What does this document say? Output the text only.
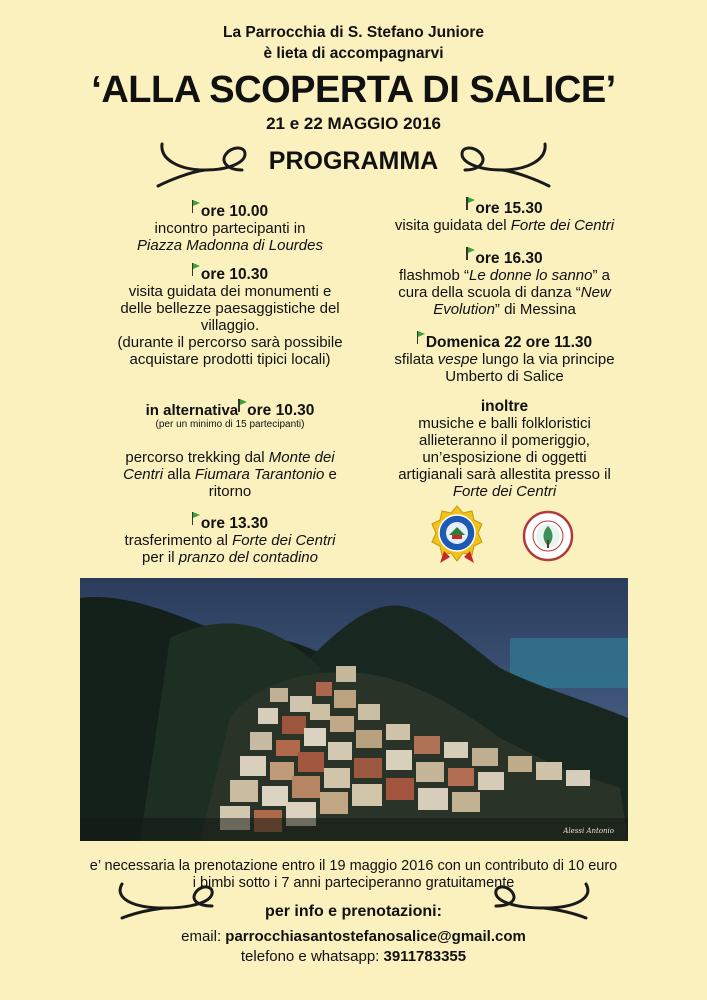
La Parrocchia di S. Stefano Juniore
è lieta di accompagnarvi
‘ALLA SCOPERTA DI SALICE’
21 e 22 MAGGIO 2016
PROGRAMMA
ore 10.00
incontro partecipanti in
Piazza Madonna di Lourdes
ore 10.30
visita guidata dei monumenti e
delle bellezze paesaggistiche del
villaggio.
(durante il percorso sarà possibile
acquistare prodotti tipici locali)
in alternativa ore 10.30
(per un minimo di 15 partecipanti)
percorso trekking dal Monte dei
Centri alla Fiumara Tarantonio e
ritorno
ore 13.30
trasferimento al Forte dei Centri
per il pranzo del contadino
ore 15.30
visita guidata del Forte dei Centri
ore 16.30
flashmob “Le donne lo sanno” a
cura della scuola di danza “New
Evolution” di Messina
Domenica 22 ore 11.30
sfilata vespe lungo la via principe
Umberto di Salice
inoltre
musiche e balli folkloristici
allieteranno il pomeriggio,
un’esposizione di oggetti
artigianali sarà allestita presso il
Forte dei Centri
Alessi Antonio
e’ necessaria la prenotazione entro il 19 maggio 2016 con un contributo di 10 euro
i bimbi sotto i 7 anni parteciperanno gratuitamente
per info e prenotazioni:
email: parrocchiasantostefanosalice@gmail.com
telefono e whatsapp: 3911783355
